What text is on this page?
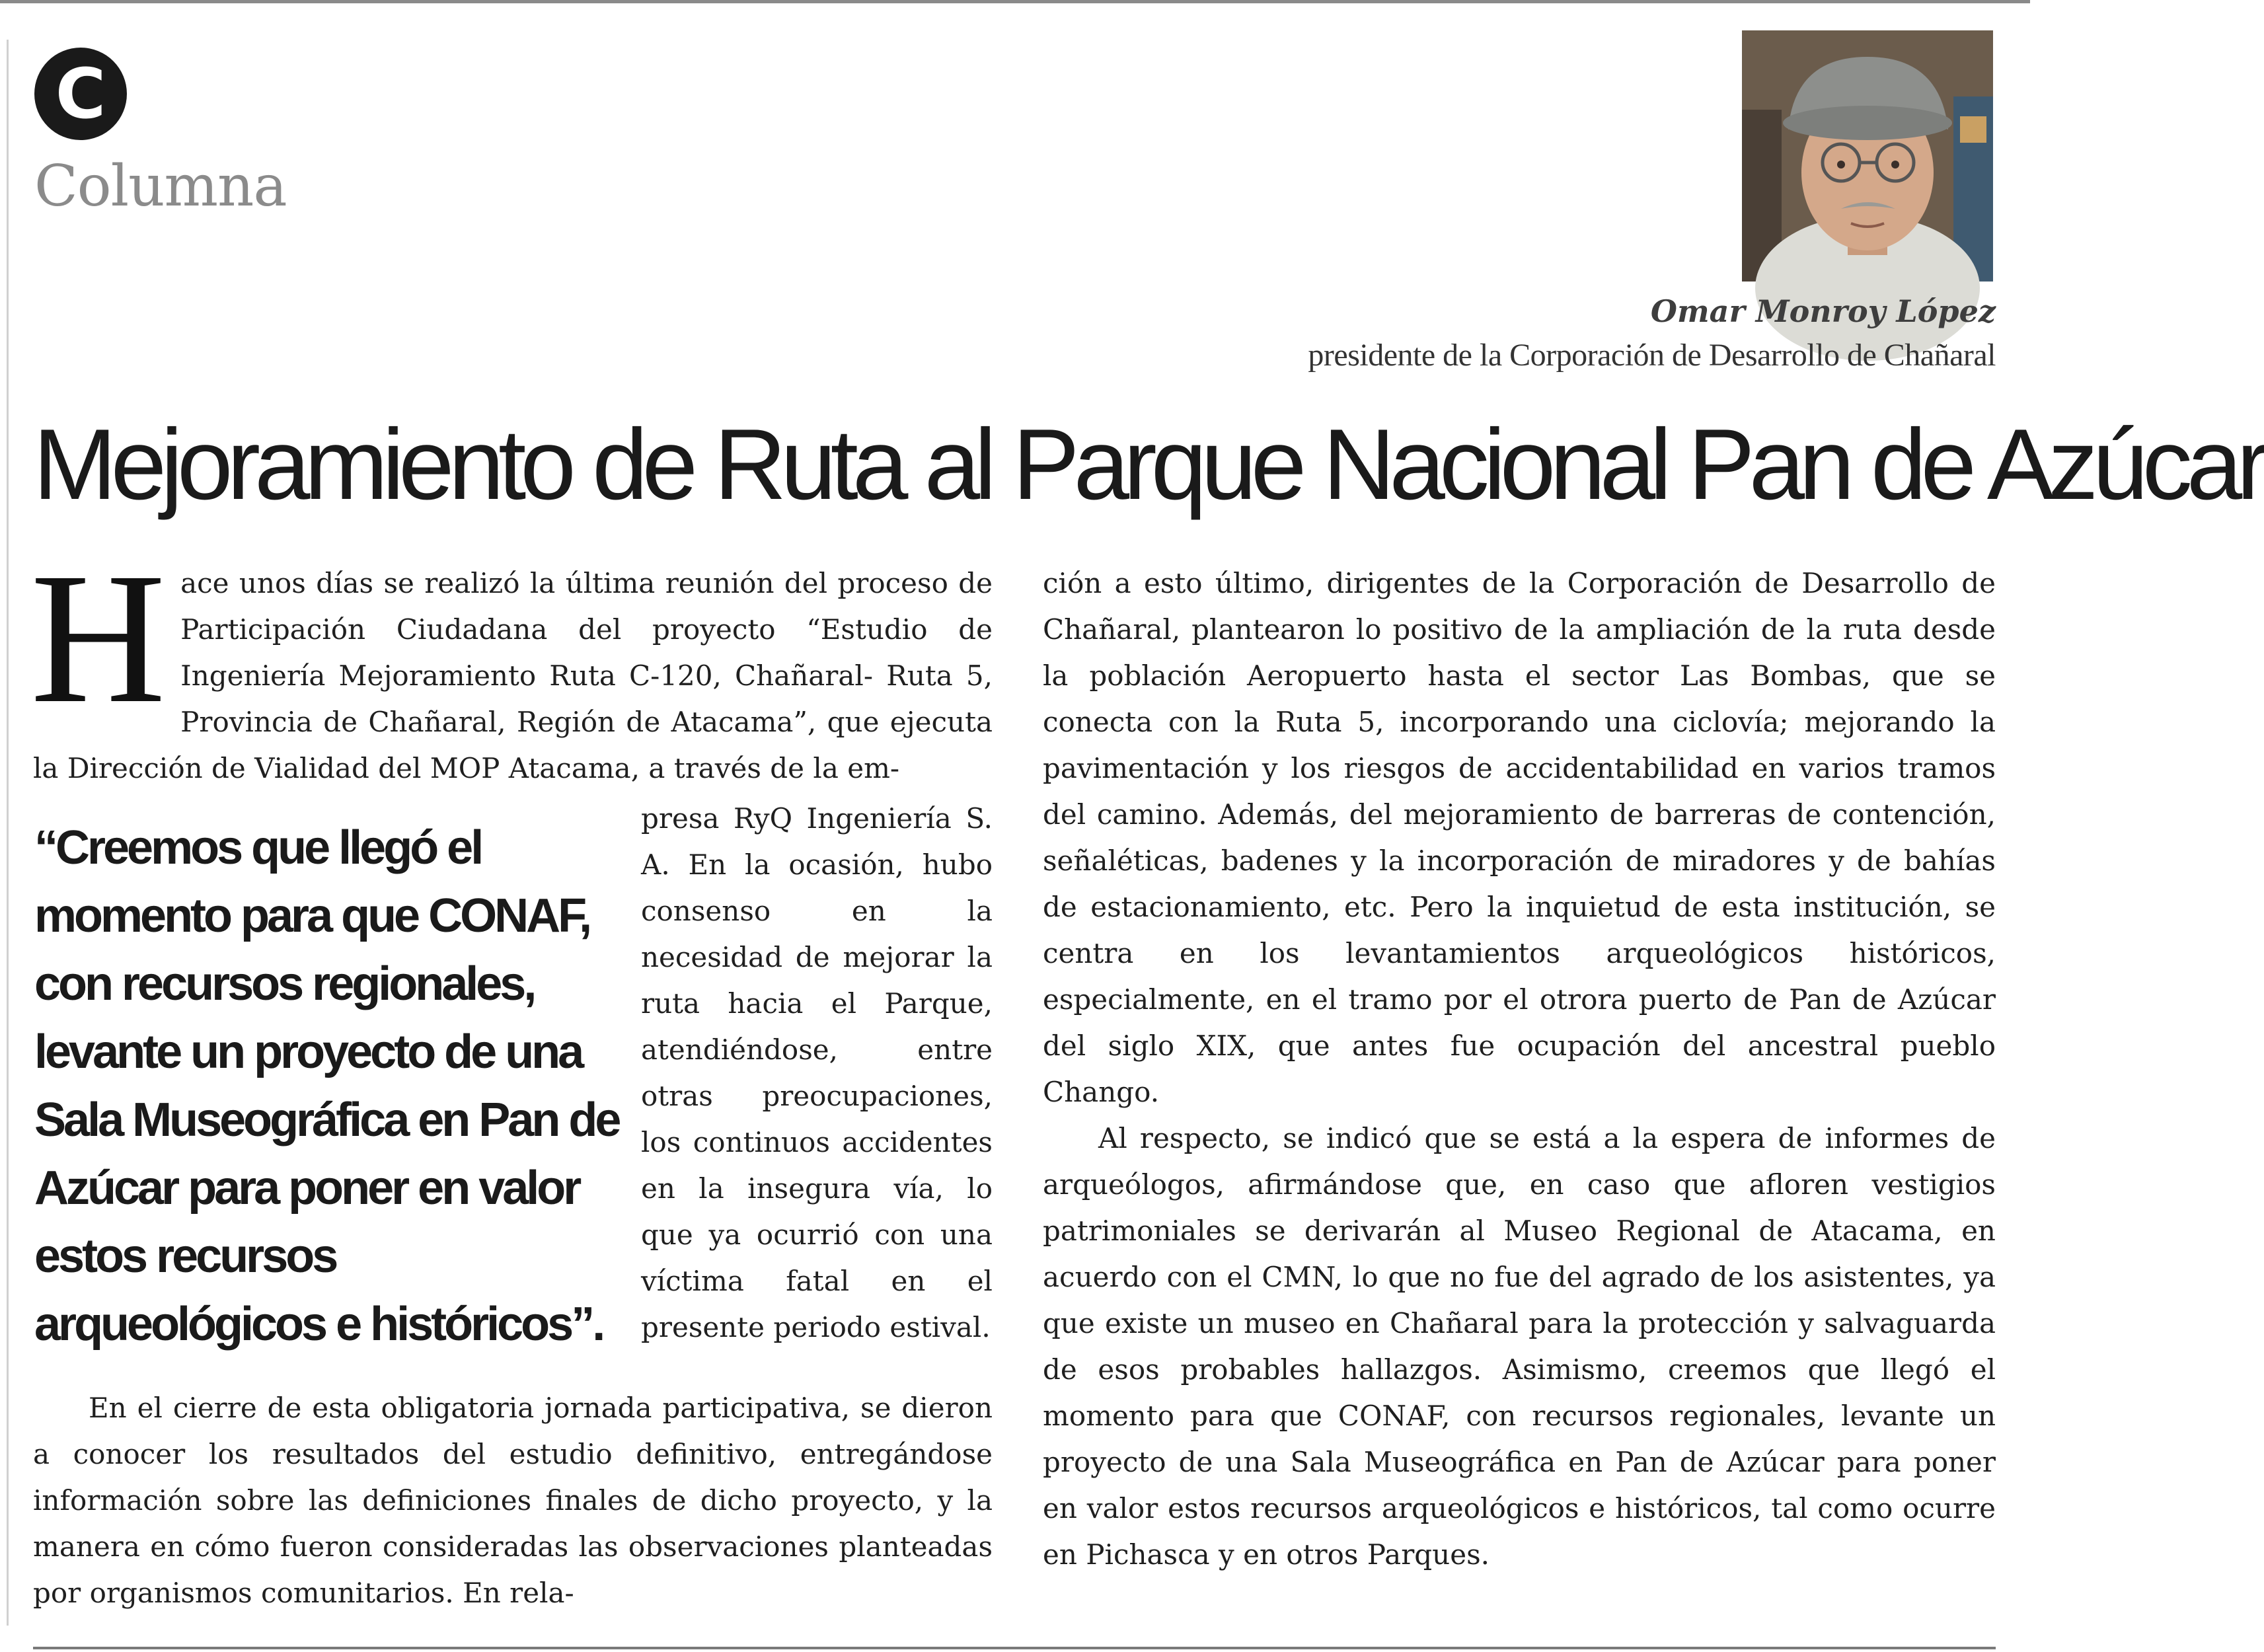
C
Columna

Omar Monroy López

presidente de la Corporación de Desarrollo de Chañaral

Mejoramiento de Ruta al Parque Nacional Pan de Azúcar

Hace unos días se realizó la última reunión del proceso de Participación Ciudadana del proyecto “Estudio de Ingeniería Mejoramiento Ruta C-120, Chañaral- Ruta 5, Provincia de Chañaral, Región de Atacama”, que ejecuta la Dirección de Vialidad del MOP Atacama, a través de la em-

“Creemos que llegó el momento para que CONAF, con recursos regionales, levante un proyecto de una Sala Museográfica en Pan de Azúcar para poner en valor estos recursos arqueológicos e históricos”.

presa RyQ Ingeniería S. A. En la ocasión, hubo consenso en la necesidad de mejorar la ruta hacia el Parque, atendiéndose, entre otras preocupaciones, los continuos accidentes en la insegura vía, lo que ya ocurrió con una víctima fatal en el presente periodo estival.

En el cierre de esta obligatoria jornada participativa, se dieron a conocer los resultados del estudio definitivo, entregándose información sobre las definiciones finales de dicho proyecto, y la manera en cómo fueron consideradas las observaciones planteadas por organismos comunitarios. En rela-

ción a esto último, dirigentes de la Corporación de Desarrollo de Chañaral, plantearon lo positivo de la ampliación de la ruta desde la población Aeropuerto hasta el sector Las Bombas, que se conecta con la Ruta 5, incorporando una ciclovía; mejorando la pavimentación y los riesgos de accidentabilidad en varios tramos del camino. Además, del mejoramiento de barreras de contención, señaléticas, badenes y la incorporación de miradores y de bahías de estacionamiento, etc. Pero la inquietud de esta institución, se centra en los levantamientos arqueológicos históricos, especialmente, en el tramo por el otrora puerto de Pan de Azúcar del siglo XIX, que antes fue ocupación del ancestral pueblo Chango.

Al respecto, se indicó que se está a la espera de informes de arqueólogos, afirmándose que, en caso que afloren vestigios patrimoniales se derivarán al Museo Regional de Atacama, en acuerdo con el CMN, lo que no fue del agrado de los asistentes, ya que existe un museo en Chañaral para la protección y salvaguarda de esos probables hallazgos. Asimismo, creemos que llegó el momento para que CONAF, con recursos regionales, levante un proyecto de una Sala Museográfica en Pan de Azúcar para poner en valor estos recursos arqueológicos e históricos, tal como ocurre en Pichasca y en otros Parques.
